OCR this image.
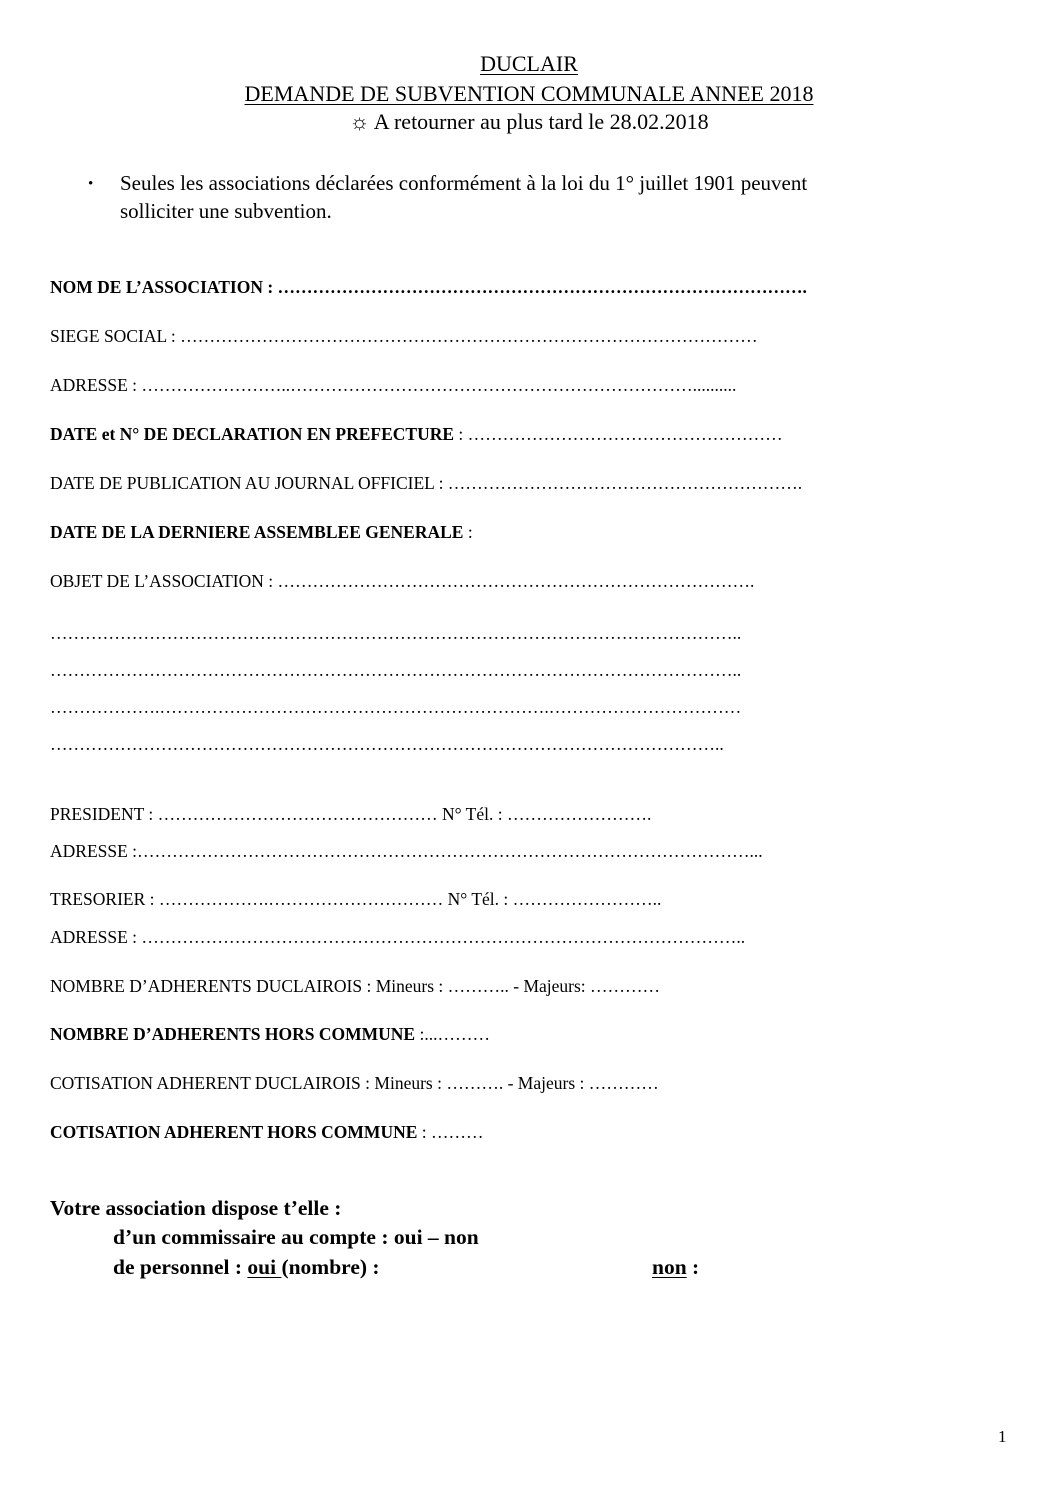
DUCLAIR
DEMANDE DE SUBVENTION COMMUNALE ANNEE 2018
☼ A retourner au plus tard le 28.02.2018
• Seules les associations déclarées conformément à la loi du 1° juillet 1901 peuvent
solliciter une subvention.
NOM DE L’ASSOCIATION : ……………………………………………………………………………….
SIEGE SOCIAL : ………………………………………………………………………………………
ADRESSE : ……………………..……………………………………………………………..........
DATE et N° DE DECLARATION EN PREFECTURE : ………………………………………………
DATE DE PUBLICATION AU JOURNAL OFFICIEL : …………………………………………………….
DATE DE LA DERNIERE ASSEMBLEE GENERALE :
OBJET DE L’ASSOCIATION : ……………………………………………………………………….
………………………………………………………………………………………………………..
………………………………………………………………………………………………………..
……………….………………………………………………………….……………………………
……………………………………………………………………………………………………..
PRESIDENT : ………………………………………… N° Tél. : …………………….
ADRESSE :……………………………………………………………………………………………...
TRESORIER : ……………….………………………… N° Tél. : ……………………..
ADRESSE : …………………………………………………………………………………………..
NOMBRE D’ADHERENTS DUCLAIROIS : Mineurs : ……….. - Majeurs: …………
NOMBRE D’ADHERENTS HORS COMMUNE :...………
COTISATION ADHERENT DUCLAIROIS : Mineurs : ………. - Majeurs : …………
COTISATION ADHERENT HORS COMMUNE : ………
Votre association dispose t’elle :
d’un commissaire au compte : oui – non
de personnel : oui (nombre) :	non :
1
